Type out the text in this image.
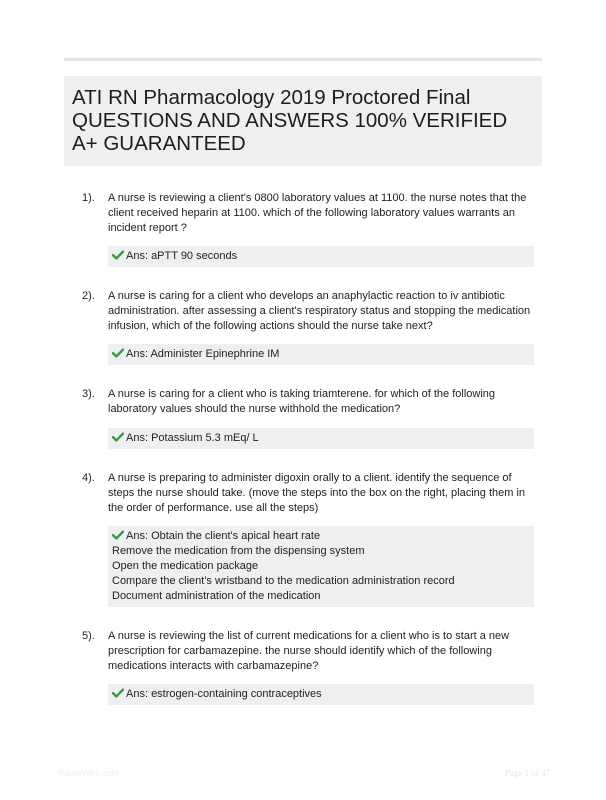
ATI RN Pharmacology 2019 Proctored Final QUESTIONS AND ANSWERS 100% VERIFIED A+ GUARANTEED
1). A nurse is reviewing a client's 0800 laboratory values at 1100. the nurse notes that the client received heparin at 1100. which of the following laboratory values warrants an incident report ?
Ans: aPTT 90 seconds
2). A nurse is caring for a client who develops an anaphylactic reaction to iv antibiotic administration. after assessing a client's respiratory status and stopping the medication infusion, which of the following actions should the nurse take next?
Ans: Administer Epinephrine IM
3). A nurse is caring for a client who is taking triamterene. for which of the following laboratory values should the nurse withhold the medication?
Ans: Potassium 5.3 mEq/ L
4). A nurse is preparing to administer digoxin orally to a client. identify the sequence of steps the nurse should take. (move the steps into the box on the right, placing them in the order of performance. use all the steps)
Ans: Obtain the client's apical heart rate
Remove the medication from the dispensing system
Open the medication package
Compare the client's wristband to the medication administration record
Document administration of the medication
5). A nurse is reviewing the list of current medications for a client who is to start a new prescription for carbamazepine. the nurse should identify which of the following medications interacts with carbamazepine?
Ans: estrogen-containing contraceptives
PaperWell.com	Page 1 of 47
